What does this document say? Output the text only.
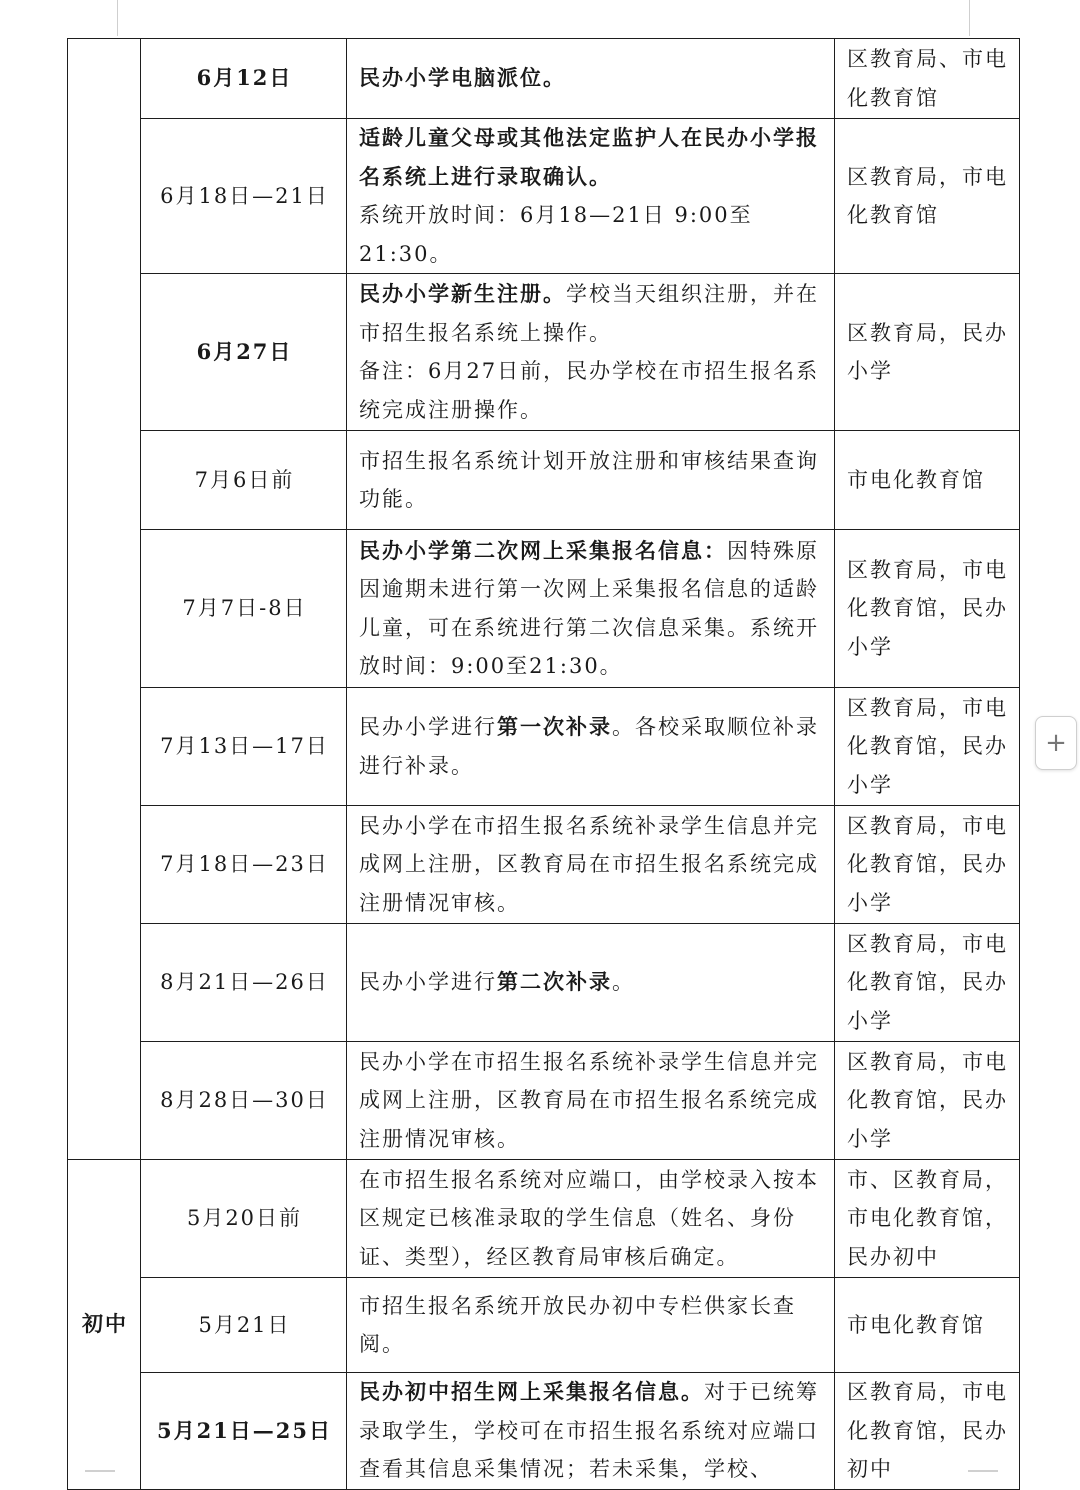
	6月12日	民办小学电脑派位。	区教育局、市电化教育馆
	6月18日—21日	适龄儿童父母或其他法定监护人在民办小学报名系统上进行录取确认。
系统开放时间：6月18—21日 9:00至21:30。	区教育局，市电化教育馆
	6月27日	民办小学新生注册。学校当天组织注册，并在市招生报名系统上操作。
备注：6月27日前，民办学校在市招生报名系统完成注册操作。	区教育局，民办小学
	7月6日前	市招生报名系统计划开放注册和审核结果查询功能。	市电化教育馆
	7月7日-8日	民办小学第二次网上采集报名信息：因特殊原因逾期未进行第一次网上采集报名信息的适龄儿童，可在系统进行第二次信息采集。系统开放时间：9:00至21:30。	区教育局，市电化教育馆，民办小学
	7月13日—17日	民办小学进行第一次补录。各校采取顺位补录进行补录。	区教育局，市电化教育馆，民办小学
	7月18日—23日	民办小学在市招生报名系统补录学生信息并完成网上注册，区教育局在市招生报名系统完成注册情况审核。	区教育局，市电化教育馆，民办小学
	8月21日—26日	民办小学进行第二次补录。	区教育局，市电化教育馆，民办小学
	8月28日—30日	民办小学在市招生报名系统补录学生信息并完成网上注册，区教育局在市招生报名系统完成注册情况审核。	区教育局，市电化教育馆，民办小学
初中	5月20日前	在市招生报名系统对应端口，由学校录入按本区规定已核准录取的学生信息（姓名、身份证、类型），经区教育局审核后确定。	市、区教育局，市电化教育馆，民办初中
	5月21日	市招生报名系统开放民办初中专栏供家长查阅。	市电化教育馆
	5月21日—25日	民办初中招生网上采集报名信息。对于已统筹录取学生，学校可在市招生报名系统对应端口查看其信息采集情况；若未采集，学校、	区教育局，市电化教育馆，民办初中
+
